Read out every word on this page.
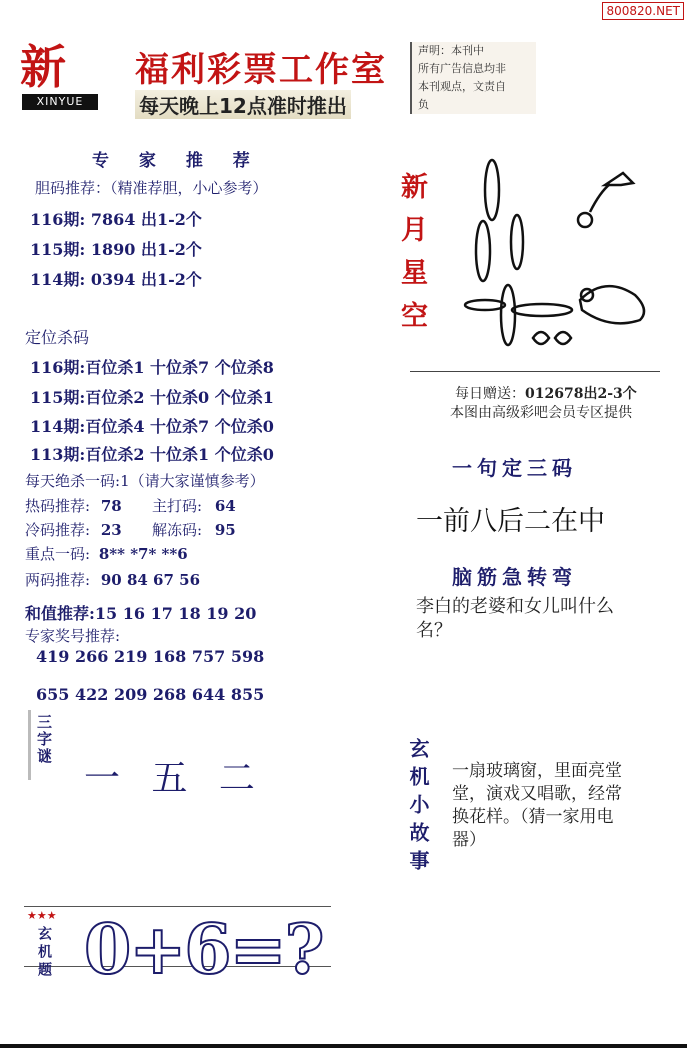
800820.NET
新
XINYUE
福利彩票工作室
每天晚上12点准时推出
声明：本刊中
所有广告信息均非
本刊观点，文责自
负
专 家 推 荐
胆码推荐：（精准荐胆，小心参考）
116期: 7864 出1-2个
115期: 1890 出1-2个
114期: 0394 出1-2个
定位杀码
116期:百位杀1 十位杀7 个位杀8
115期:百位杀2 十位杀0 个位杀1
114期:百位杀4 十位杀7 个位杀0
113期:百位杀2 十位杀1 个位杀0
每天绝杀一码:1（请大家谨慎参考）
热码推荐: 78 主打码: 64
冷码推荐: 23 解冻码: 95
重点一码: 8** *7* **6
两码推荐: 90 84 67 56
和值推荐:15 16 17 18 19 20
专家奖号推荐:
419 266 219 168 757 598
655 422 209 268 644 855
三字谜
一 五 二
★★★
玄机题 0+6=?
新月星空
每日赠送：012678出2-3个
本图由高级彩吧会员专区提供
一句定三码
一前八后二在中
脑筋急转弯
李白的老婆和女儿叫什么名？
玄机小故事 一扇玻璃窗，里面亮堂堂，演戏又唱歌，经常换花样。（猜一家用电器）
